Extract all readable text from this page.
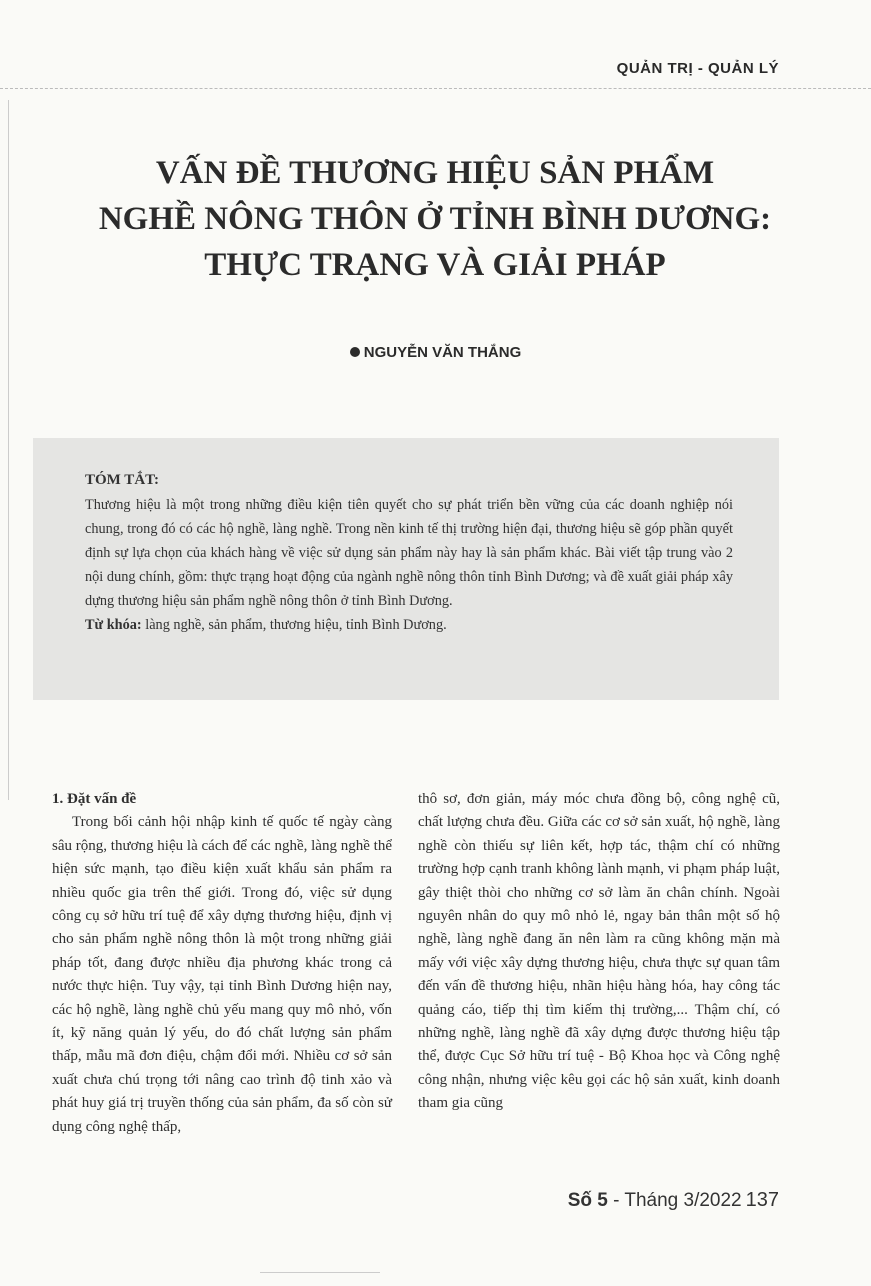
QUẢN TRỊ - QUẢN LÝ
VẤN ĐỀ THƯƠNG HIỆU SẢN PHẨM
NGHỀ NÔNG THÔN Ở TỈNH BÌNH DƯƠNG:
THỰC TRẠNG VÀ GIẢI PHÁP
NGUYỄN VĂN THẮNG
TÓM TẮT:
Thương hiệu là một trong những điều kiện tiên quyết cho sự phát triển bền vững của các doanh nghiệp nói chung, trong đó có các hộ nghề, làng nghề. Trong nền kinh tế thị trường hiện đại, thương hiệu sẽ góp phần quyết định sự lựa chọn của khách hàng về việc sử dụng sản phẩm này hay là sản phẩm khác. Bài viết tập trung vào 2 nội dung chính, gồm: thực trạng hoạt động của ngành nghề nông thôn tỉnh Bình Dương; và đề xuất giải pháp xây dựng thương hiệu sản phẩm nghề nông thôn ở tỉnh Bình Dương.
Từ khóa: làng nghề, sản phẩm, thương hiệu, tỉnh Bình Dương.
1. Đặt vấn đề
Trong bối cảnh hội nhập kinh tế quốc tế ngày càng sâu rộng, thương hiệu là cách để các nghề, làng nghề thể hiện sức mạnh, tạo điều kiện xuất khẩu sản phẩm ra nhiều quốc gia trên thế giới. Trong đó, việc sử dụng công cụ sở hữu trí tuệ để xây dựng thương hiệu, định vị cho sản phẩm nghề nông thôn là một trong những giải pháp tốt, đang được nhiều địa phương khác trong cả nước thực hiện. Tuy vậy, tại tỉnh Bình Dương hiện nay, các hộ nghề, làng nghề chủ yếu mang quy mô nhỏ, vốn ít, kỹ năng quản lý yếu, do đó chất lượng sản phẩm thấp, mẫu mã đơn điệu, chậm đổi mới. Nhiều cơ sở sản xuất chưa chú trọng tới nâng cao trình độ tinh xảo và phát huy giá trị truyền thống của sản phẩm, đa số còn sử dụng công nghệ thấp,
thô sơ, đơn giản, máy móc chưa đồng bộ, công nghệ cũ, chất lượng chưa đều. Giữa các cơ sở sản xuất, hộ nghề, làng nghề còn thiếu sự liên kết, hợp tác, thậm chí có những trường hợp cạnh tranh không lành mạnh, vi phạm pháp luật, gây thiệt thòi cho những cơ sở làm ăn chân chính. Ngoài nguyên nhân do quy mô nhỏ lẻ, ngay bản thân một số hộ nghề, làng nghề đang ăn nên làm ra cũng không mặn mà mấy với việc xây dựng thương hiệu, chưa thực sự quan tâm đến vấn đề thương hiệu, nhãn hiệu hàng hóa, hay công tác quảng cáo, tiếp thị tìm kiếm thị trường,... Thậm chí, có những nghề, làng nghề đã xây dựng được thương hiệu tập thể, được Cục Sở hữu trí tuệ - Bộ Khoa học và Công nghệ công nhận, nhưng việc kêu gọi các hộ sản xuất, kinh doanh tham gia cũng
Số 5 - Tháng 3/2022 137
